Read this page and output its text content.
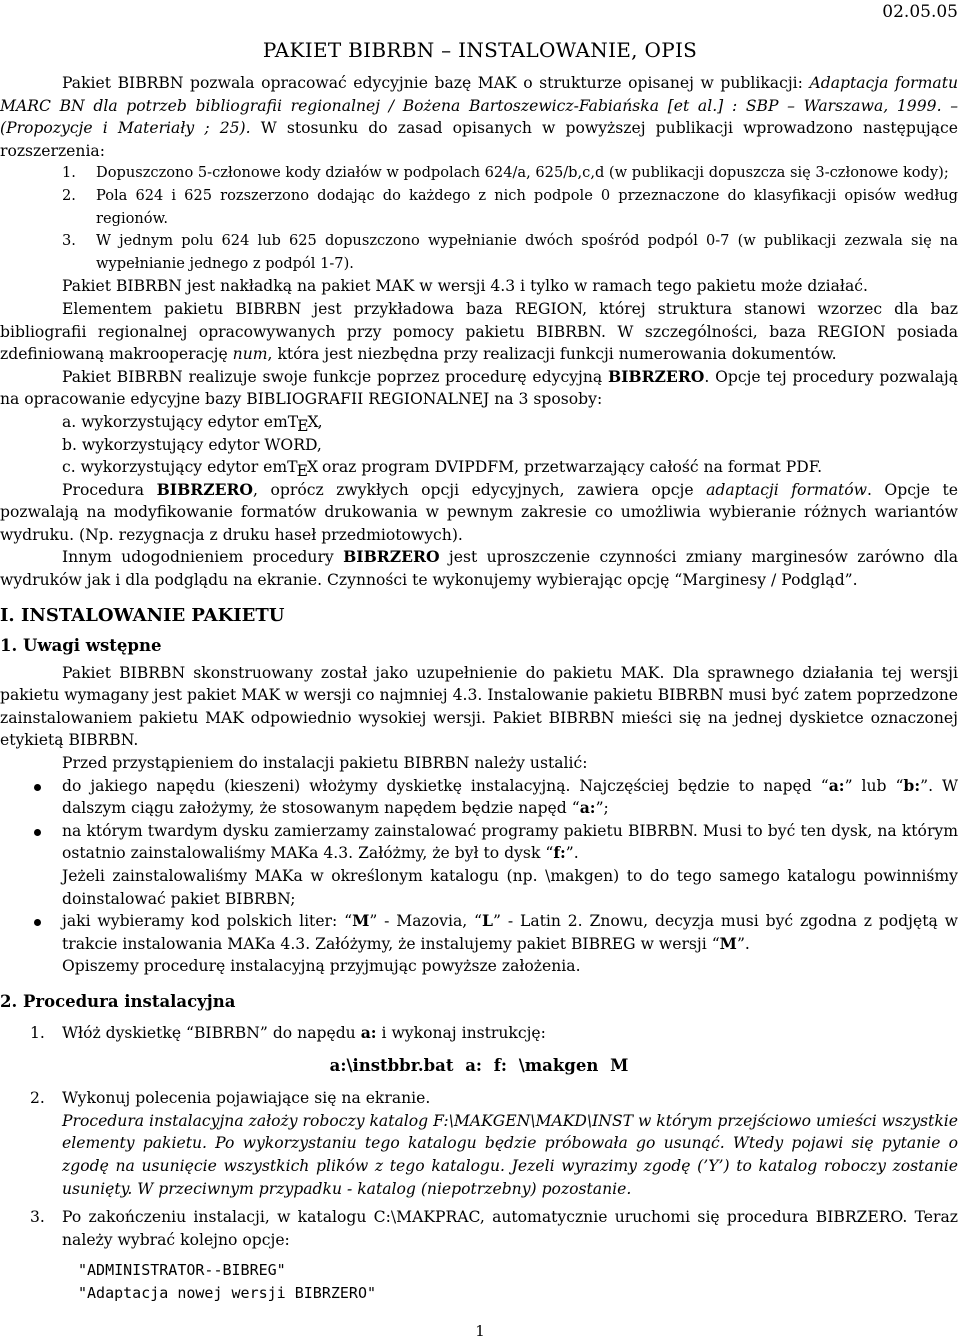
02.05.05
PAKIET BIBRBN – INSTALOWANIE, OPIS

Pakiet BIBRBN pozwala opracować edycyjnie bazę MAK o strukturze opisanej w publikacji: Adaptacja formatu MARC BN dla potrzeb bibliografii regionalnej / Bożena Bartoszewicz-Fabiańska [et al.] : SBP – Warszawa, 1999. – (Propozycje i Materiały ; 25). W stosunku do zasad opisanych w powyższej publikacji wprowadzono następujące rozszerzenia:

1. Dopuszczono 5-członowe kody działów w podpolach 624/a, 625/b,c,d (w publikacji dopuszcza się 3-członowe kody);
2. Pola 624 i 625 rozszerzono dodając do każdego z nich podpole 0 przeznaczone do klasyfikacji opisów według regionów.
3. W jednym polu 624 lub 625 dopuszczono wypełnianie dwóch spośród podpól 0-7 (w publikacji zezwala się na wypełnianie jednego z podpól 1-7).

Pakiet BIBRBN jest nakładką na pakiet MAK w wersji 4.3 i tylko w ramach tego pakietu może działać.

Elementem pakietu BIBRBN jest przykładowa baza REGION, której struktura stanowi wzorzec dla baz bibliografii regionalnej opracowywanych przy pomocy pakietu BIBRBN. W szczególności, baza REGION posiada zdefiniowaną makrooperację num, która jest niezbędna przy realizacji funkcji numerowania dokumentów.

Pakiet BIBRBN realizuje swoje funkcje poprzez procedurę edycyjną BIBRZERO. Opcje tej procedury pozwalają na opracowanie edycyjne bazy BIBLIOGRAFII REGIONALNEJ na 3 sposoby:

a. wykorzystujący edytor emT$_E$X,
b. wykorzystujący edytor WORD,
c. wykorzystujący edytor emT$_E$X oraz program DVIPDFM, przetwarzający całość na format PDF.

Procedura BIBRZERO, oprócz zwykłych opcji edycyjnych, zawiera opcje adaptacji formatów. Opcje te pozwalają na modyfikowanie formatów drukowania w pewnym zakresie co umożliwia wybieranie różnych wariantów wydruku. (Np. rezygnacja z druku haseł przedmiotowych).

Innym udogodnieniem procedury BIBRZERO jest uproszczenie czynności zmiany marginesów zarówno dla wydruków jak i dla podglądu na ekranie. Czynności te wykonujemy wybierając opcję “Marginesy / Podgląd”.

I. INSTALOWANIE PAKIETU
1. Uwagi wstępne

Pakiet BIBRBN skonstruowany został jako uzupełnienie do pakietu MAK. Dla sprawnego działania tej wersji pakietu wymagany jest pakiet MAK w wersji co najmniej 4.3. Instalowanie pakietu BIBRBN musi być zatem poprzedzone zainstalowaniem pakietu MAK odpowiednio wysokiej wersji. Pakiet BIBRBN mieści się na jednej dyskietce oznaczonej etykietą BIBRBN.

Przed przystąpieniem do instalacji pakietu BIBRBN należy ustalić:

do jakiego napędu (kieszeni) włożymy dyskietkę instalacyjną. Najczęściej będzie to napęd “a:” lub “b:”. W dalszym ciągu założymy, że stosowanym napędem będzie napęd “a:”;
na którym twardym dysku zamierzamy zainstalować programy pakietu BIBRBN. Musi to być ten dysk, na którym ostatnio zainstalowaliśmy MAKa 4.3. Załóżmy, że był to dysk “f:”.
Jeżeli zainstalowaliśmy MAKa w określonym katalogu (np. \makgen) to do tego samego katalogu powinniśmy doinstalować pakiet BIBRBN;
jaki wybieramy kod polskich liter: “M” - Mazovia, “L” - Latin 2. Znowu, decyzja musi być zgodna z podjętą w trakcie instalowania MAKa 4.3. Załóżymy, że instalujemy pakiet BIBREG w wersji “M”.

Opiszemy procedurę instalacyjną przyjmując powyższe założenia.

2. Procedura instalacyjna
1. Włóż dyskietkę “BIBRBN” do napędu a: i wykonaj instrukcję:
a:\instbbr.bat a: f: \makgen M
2. Wykonuj polecenia pojawiające się na ekranie.
Procedura instalacyjna założy roboczy katalog F:\MAKGEN\MAKD\INST w którym przejściowo umieści wszystkie elementy pakietu. Po wykorzystaniu tego katalogu będzie próbowała go usunąć. Wtedy pojawi się pytanie o zgodę na usunięcie wszystkich plików z tego katalogu. Jezeli wyrazimy zgodę (’Y’) to katalog roboczy zostanie usunięty. W przeciwnym przypadku - katalog (niepotrzebny) pozostanie.
3. Po zakończeniu instalacji, w katalogu C:\MAKPRAC, automatycznie uruchomi się procedura BIBRZERO. Teraz należy wybrać kolejno opcje:
"ADMINISTRATOR--BIBREG"
"Adaptacja nowej wersji BIBRZERO"
1
